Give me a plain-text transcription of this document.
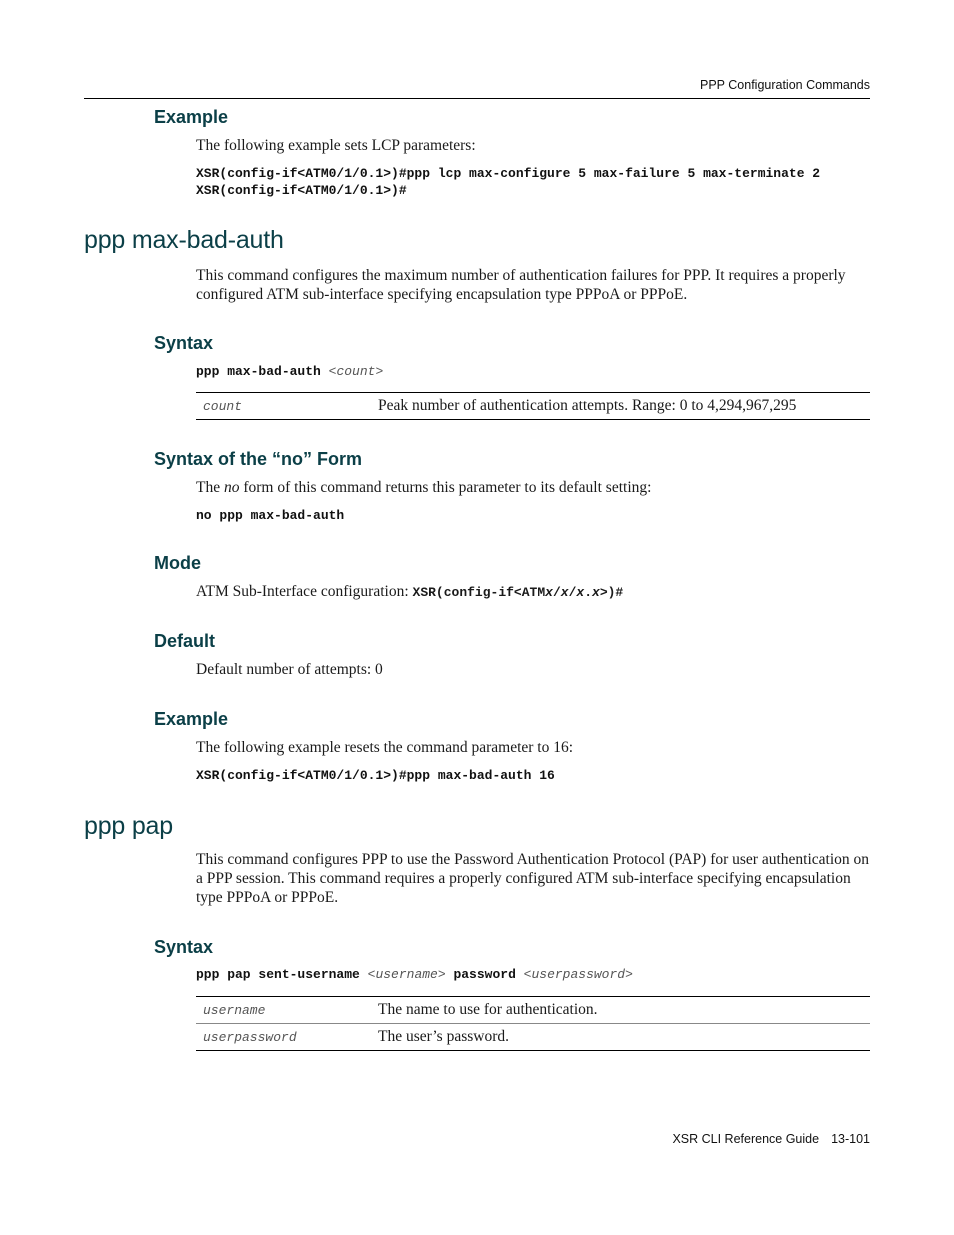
PPP Configuration Commands
Example
The following example sets LCP parameters:
XSR(config-if<ATM0/1/0.1>)#ppp lcp max-configure 5 max-failure 5 max-terminate 2
XSR(config-if<ATM0/1/0.1>)#
ppp max-bad-auth
This command configures the maximum number of authentication failures for PPP. It requires a properly configured ATM sub-interface specifying encapsulation type PPPoA or PPPoE.
Syntax
ppp max-bad-auth <count>
count	Peak number of authentication attempts. Range: 0 to 4,294,967,295
Syntax of the “no” Form
The no form of this command returns this parameter to its default setting:
no ppp max-bad-auth
Mode
ATM Sub-Interface configuration: XSR(config-if<ATMx/x/x.x>)#
Default
Default number of attempts: 0
Example
The following example resets the command parameter to 16:
XSR(config-if<ATM0/1/0.1>)#ppp max-bad-auth 16
ppp pap
This command configures PPP to use the Password Authentication Protocol (PAP) for user authentication on a PPP session. This command requires a properly configured ATM sub-interface specifying encapsulation type PPPoA or PPPoE.
Syntax
ppp pap sent-username <username> password <userpassword>
username	The name to use for authentication.
userpassword	The user’s password.
XSR CLI Reference Guide 13-101
